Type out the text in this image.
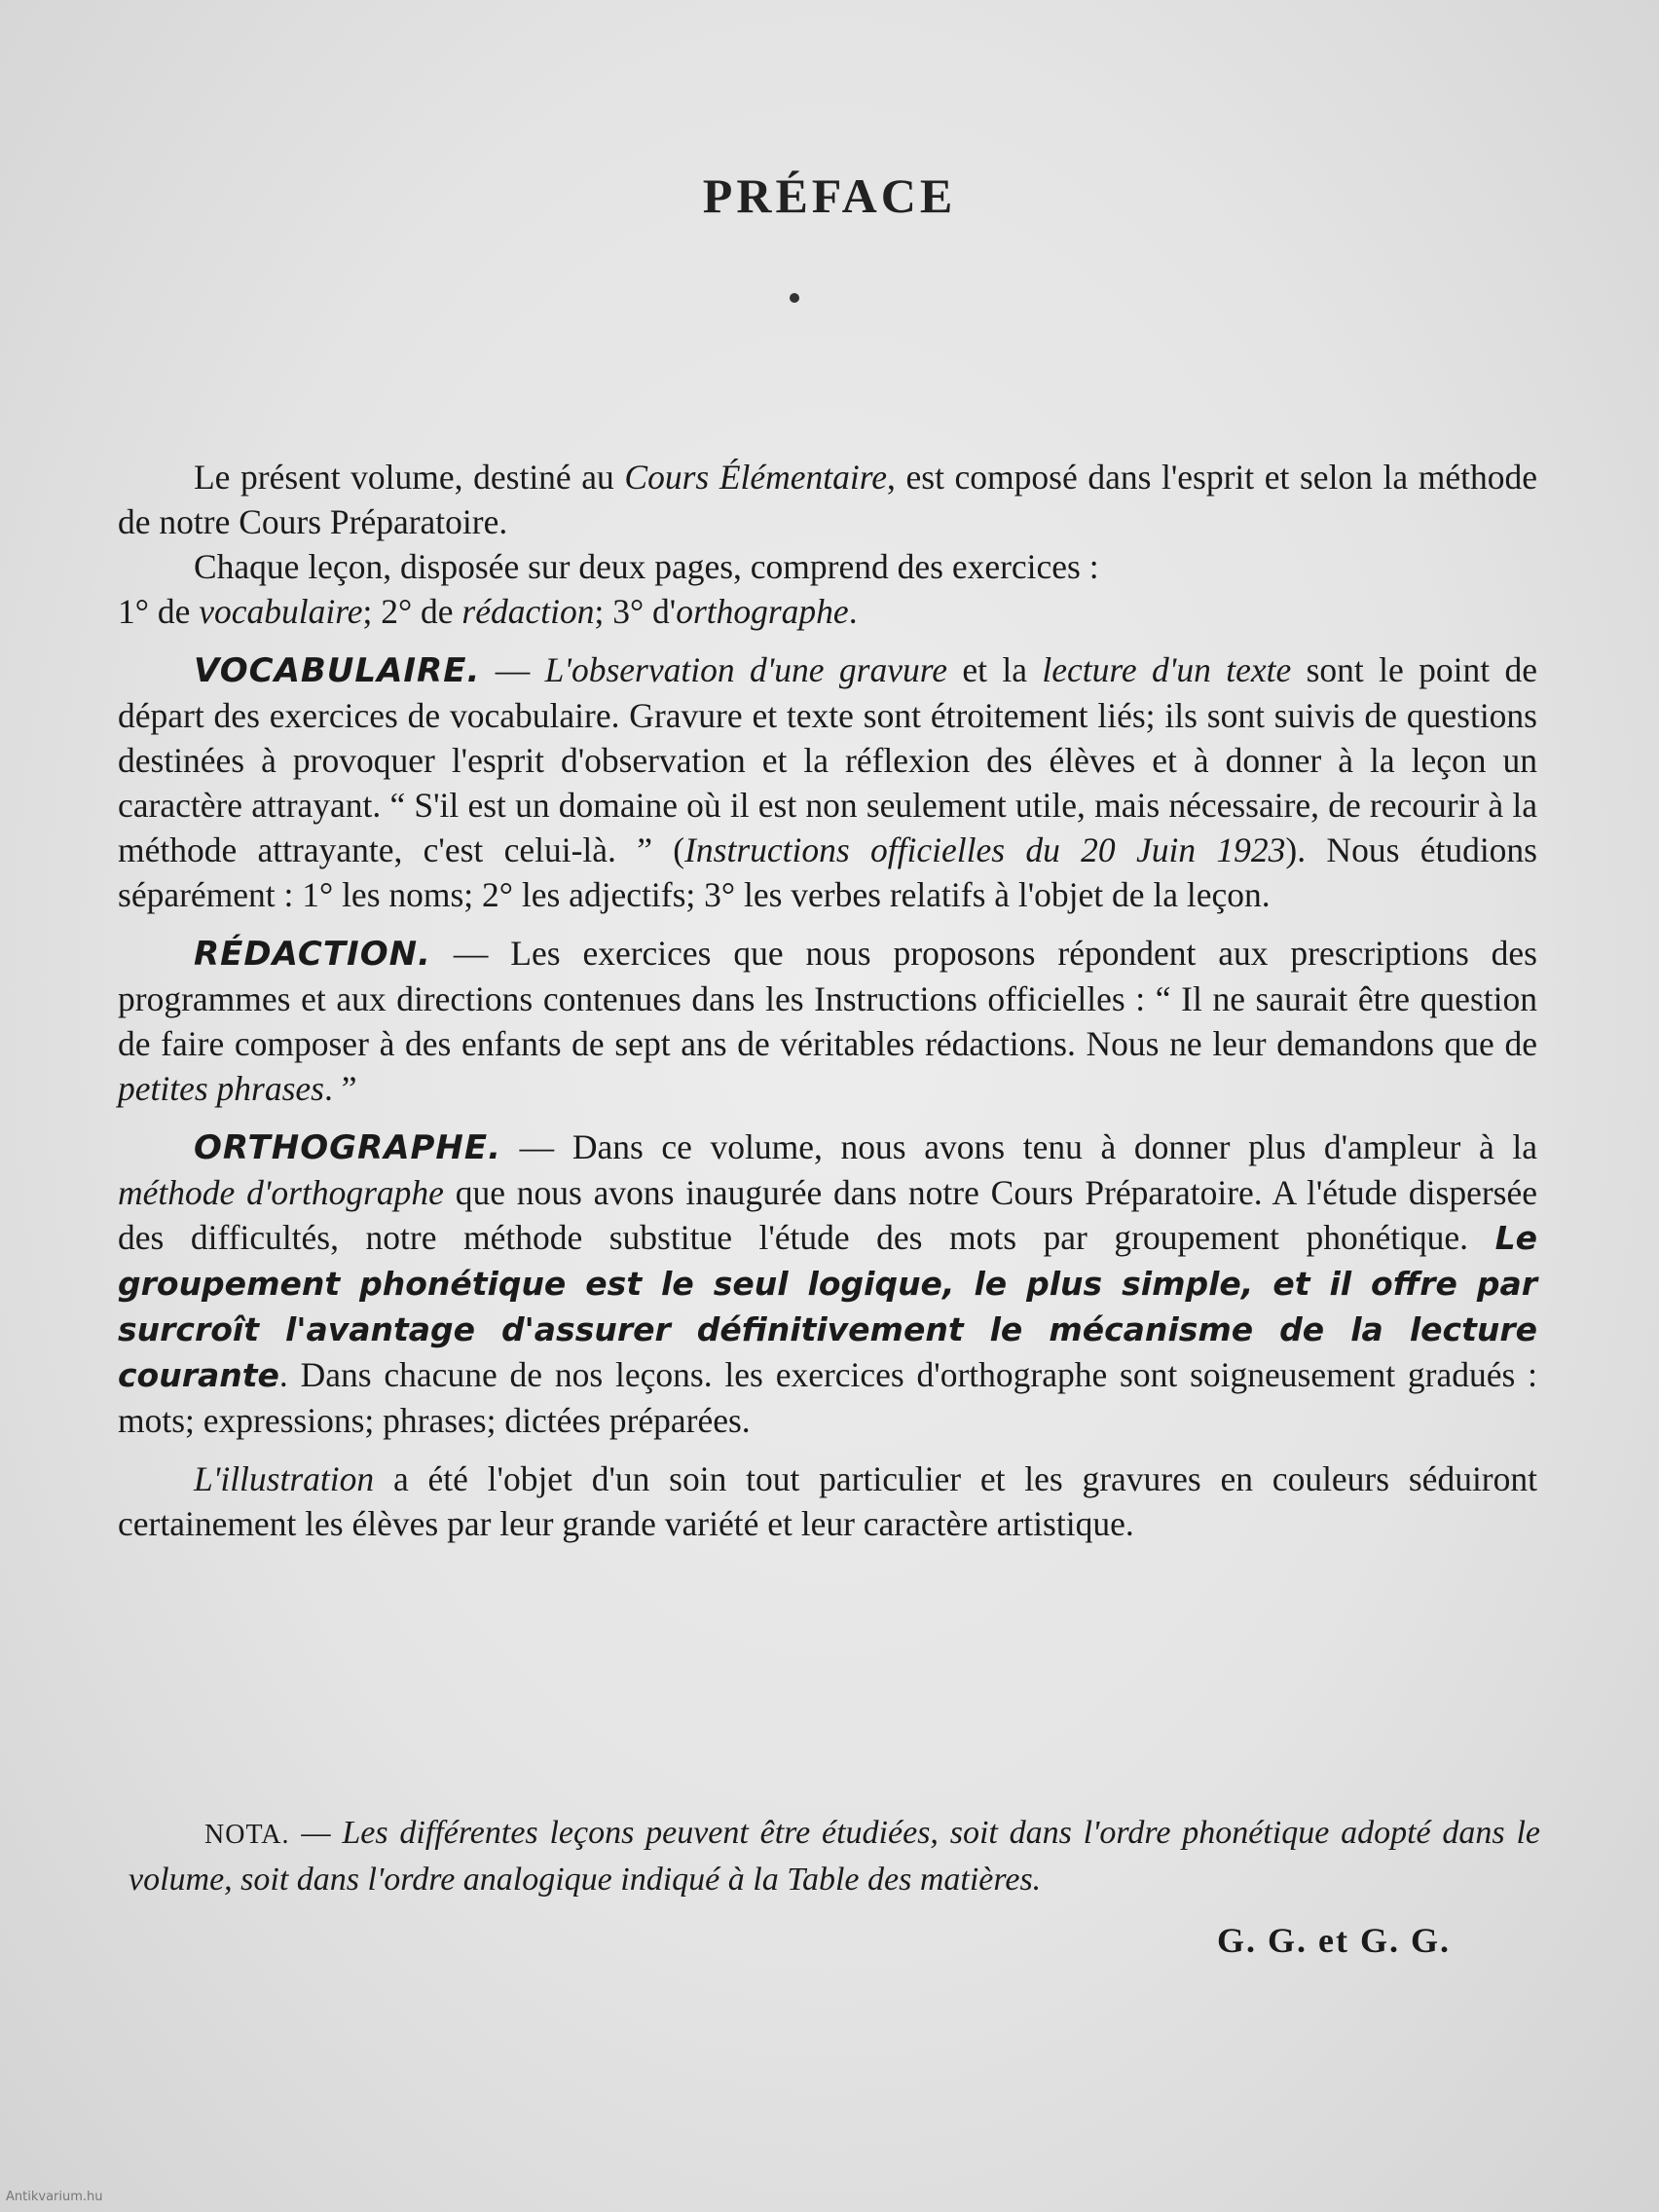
PRÉFACE

Le présent volume, destiné au Cours Élémentaire, est composé dans l'esprit et selon la méthode de notre Cours Préparatoire.

Chaque leçon, disposée sur deux pages, comprend des exercices :
1° de vocabulaire; 2° de rédaction; 3° d'orthographe.

VOCABULAIRE. — L'observation d'une gravure et la lecture d'un texte sont le point de départ des exercices de vocabulaire. Gravure et texte sont étroitement liés; ils sont suivis de questions destinées à provoquer l'esprit d'observation et la réflexion des élèves et à donner à la leçon un caractère attrayant. “ S'il est un domaine où il est non seulement utile, mais nécessaire, de recourir à la méthode attrayante, c'est celui-là. ” (Instructions officielles du 20 Juin 1923). Nous étudions séparément : 1° les noms; 2° les adjectifs; 3° les verbes relatifs à l'objet de la leçon.

RÉDACTION. — Les exercices que nous proposons répondent aux prescriptions des programmes et aux directions contenues dans les Instructions officielles : “ Il ne saurait être question de faire composer à des enfants de sept ans de véritables rédactions. Nous ne leur demandons que de petites phrases. ”

ORTHOGRAPHE. — Dans ce volume, nous avons tenu à donner plus d'ampleur à la méthode d'orthographe que nous avons inaugurée dans notre Cours Préparatoire. A l'étude dispersée des difficultés, notre méthode substitue l'étude des mots par groupement phonétique. Le groupement phonétique est le seul logique, le plus simple, et il offre par surcroît l'avantage d'assurer définitivement le mécanisme de la lecture courante. Dans chacune de nos leçons. les exercices d'orthographe sont soigneusement gradués : mots; expressions; phrases; dictées préparées.

L'illustration a été l'objet d'un soin tout particulier et les gravures en couleurs séduiront certainement les élèves par leur grande variété et leur caractère artistique.

NOTA. — Les différentes leçons peuvent être étudiées, soit dans l'ordre phonétique adopté dans le volume, soit dans l'ordre analogique indiqué à la Table des matières.

G. G. et G. G.
Antikvarium.hu
